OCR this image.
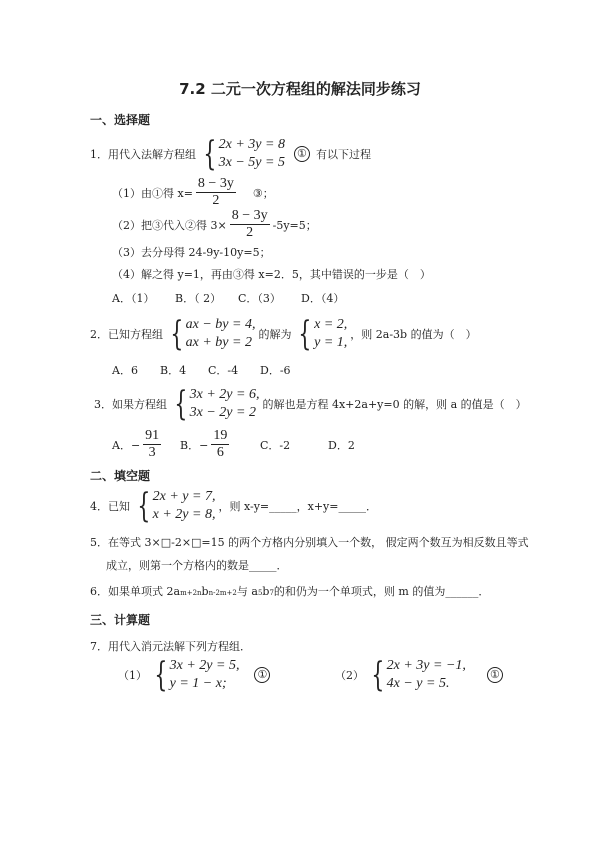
7.2 二元一次方程组的解法同步练习
一、选择题
1．用代入法解方程组 { 2x + 3y = 8
3x − 5y = 5
① 有以下过程
（1）由①得 $x= \frac{8 - 3y}{2}$ ③；
（2）把③代入②得 $3\times \frac{8 - 3y}{2} -5y=5$；
（3）去分母得 24-9y-10y=5；
（4）解之得 y=1，再由③得 x=2．5，其中错误的一步是（　）
A．（1）	B．（ 2）	C．（3）	D．（4）
2．已知方程组 { ax − by = 4,
ax + by = 2
的解为 { x = 2,
y = 1,
，则 2a-3b 的值为（　）
A．6	B．4	C．-4	D．-6
3．如果方程组 { 3x + 2y = 6,
3x − 2y = 2
的解也是方程 4x+2a+y=0 的解，则 a 的值是（　）
A．− $\frac{91}{3}$ B．− $\frac{19}{6}$	C．-2	D．2
二、填空题
4．已知 { 2x + y = 7,
x + 2y = 8,
，则 x-y=_____，x+y=_____．
5．在等式 3×□-2×□=15 的两个方格内分别填入一个数， 假定两个数互为相反数且等式
成立，则第一个方格内的数是_____．
6．如果单项式 2a m+2n b n-2m+2 与 a 5 b 7 的和仍为一个单项式，则 m 的值为______．
三、计算题
7．用代入消元法解下列方程组．
（1） { 3x + 2y = 5,
y = 1 − x;
①	（2） { 2x + 3y = −1,
4x − y = 5.
①
